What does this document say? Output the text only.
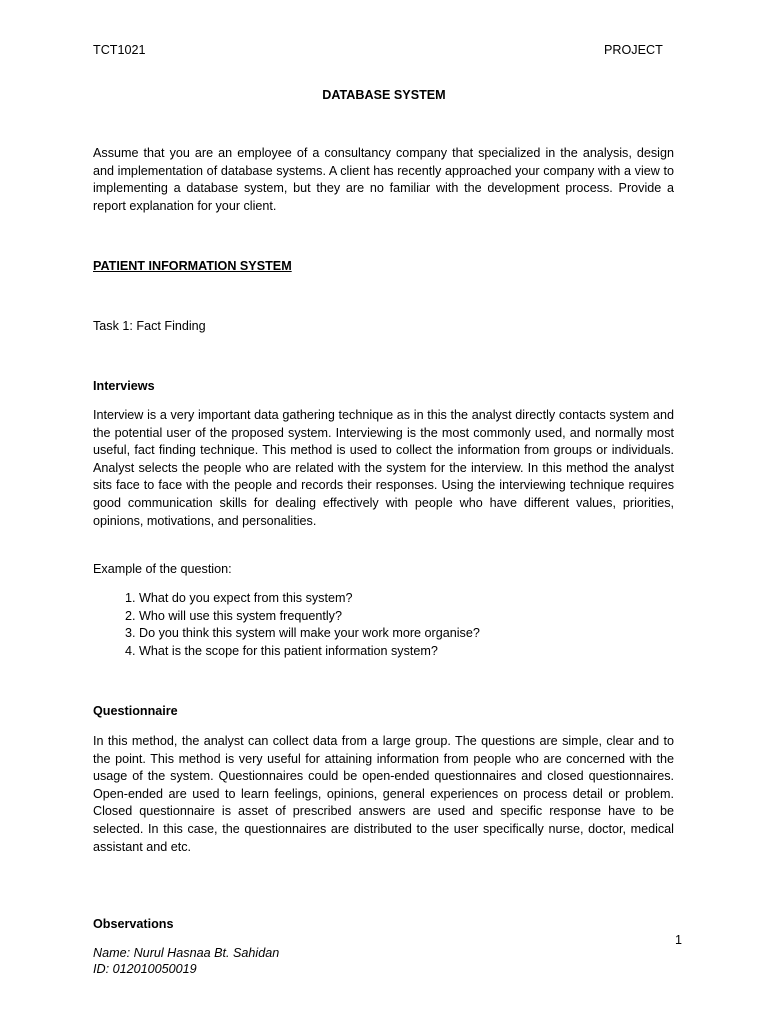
TCT1021	PROJECT
DATABASE SYSTEM

Assume that you are an employee of a consultancy company that specialized in the analysis, design and implementation of database systems. A client has recently approached your company with a view to implementing a database system, but they are no familiar with the development process. Provide a report explanation for your client.

PATIENT INFORMATION SYSTEM
Task 1: Fact Finding
Interviews

Interview is a very important data gathering technique as in this the analyst directly contacts system and the potential user of the proposed system. Interviewing is the most commonly used, and normally most useful, fact finding technique. This method is used to collect the information from groups or individuals. Analyst selects the people who are related with the system for the interview. In this method the analyst sits face to face with the people and records their responses. Using the interviewing technique requires good communication skills for dealing effectively with people who have different values, priorities, opinions, motivations, and personalities.

Example of the question:
1. What do you expect from this system?
2. Who will use this system frequently?
3. Do you think this system will make your work more organise?
4. What is the scope for this patient information system?
Questionnaire

In this method, the analyst can collect data from a large group. The questions are simple, clear and to the point. This method is very useful for attaining information from people who are concerned with the usage of the system. Questionnaires could be open-ended questionnaires and closed questionnaires. Open-ended are used to learn feelings, opinions, general experiences on process detail or problem. Closed questionnaire is asset of prescribed answers are used and specific response have to be selected. In this case, the questionnaires are distributed to the user specifically nurse, doctor, medical assistant and etc.

Observations
1
Name: Nurul Hasnaa Bt. Sahidan
ID: 012010050019
